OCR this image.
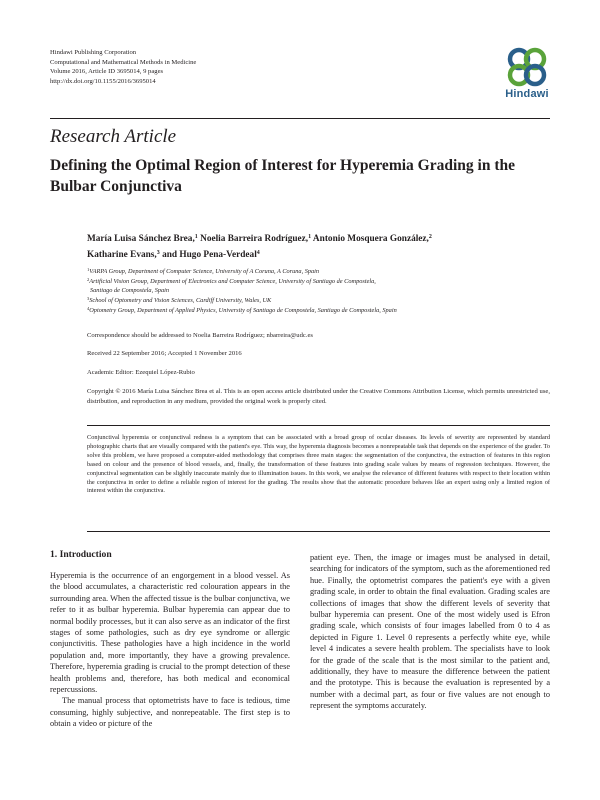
Hindawi Publishing Corporation
Computational and Mathematical Methods in Medicine
Volume 2016, Article ID 3695014, 9 pages
http://dx.doi.org/10.1155/2016/3695014
Hindawi
Research Article
Defining the Optimal Region of Interest for Hyperemia Grading in the Bulbar Conjunctiva
María Luisa Sánchez Brea,$^1$ Noelia Barreira Rodríguez,$^1$ Antonio Mosquera González,$^2$
Katharine Evans,$^3$ and Hugo Pena-Verdeal$^4$
$^1$VARPA Group, Department of Computer Science, University of A Coruna, A Coruna, Spain
$^2$Artificial Vision Group, Department of Electronics and Computer Science, University of Santiago de Compostela,
Santiago de Compostela, Spain
$^3$School of Optometry and Vision Sciences, Cardiff University, Wales, UK
$^4$Optometry Group, Department of Applied Physics, University of Santiago de Compostela, Santiago de Compostela, Spain
Correspondence should be addressed to Noelia Barreira Rodríguez; nbarreira@udc.es
Received 22 September 2016; Accepted 1 November 2016
Academic Editor: Ezequiel López-Rubio
Copyright © 2016 María Luisa Sánchez Brea et al. This is an open access article distributed under the Creative Commons Attribution License, which permits unrestricted use, distribution, and reproduction in any medium, provided the original work is properly cited.
Conjunctival hyperemia or conjunctival redness is a symptom that can be associated with a broad group of ocular diseases. Its levels of severity are represented by standard photographic charts that are visually compared with the patient's eye. This way, the hyperemia diagnosis becomes a nonrepeatable task that depends on the experience of the grader. To solve this problem, we have proposed a computer-aided methodology that comprises three main stages: the segmentation of the conjunctiva, the extraction of features in this region based on colour and the presence of blood vessels, and, finally, the transformation of these features into grading scale values by means of regression techniques. However, the conjunctival segmentation can be slightly inaccurate mainly due to illumination issues. In this work, we analyse the relevance of different features with respect to their location within the conjunctiva in order to define a reliable region of interest for the grading. The results show that the automatic procedure behaves like an expert using only a limited region of interest within the conjunctiva.
1. Introduction

Hyperemia is the occurrence of an engorgement in a blood vessel. As the blood accumulates, a characteristic red colouration appears in the surrounding area. When the affected tissue is the bulbar conjunctiva, we refer to it as bulbar hyperemia. Bulbar hyperemia can appear due to normal bodily processes, but it can also serve as an indicator of the first stages of some pathologies, such as dry eye syndrome or allergic conjunctivitis. These pathologies have a high incidence in the world population and, more importantly, they have a growing prevalence. Therefore, hyperemia grading is crucial to the prompt detection of these health problems and, therefore, has both medical and economical repercussions.

The manual process that optometrists have to face is tedious, time consuming, highly subjective, and nonrepeatable. The first step is to obtain a video or picture of the

patient eye. Then, the image or images must be analysed in detail, searching for indicators of the symptom, such as the aforementioned red hue. Finally, the optometrist compares the patient's eye with a given grading scale, in order to obtain the final evaluation. Grading scales are collections of images that show the different levels of severity that bulbar hyperemia can present. One of the most widely used is Efron grading scale, which consists of four images labelled from 0 to 4 as depicted in Figure 1. Level 0 represents a perfectly white eye, while level 4 indicates a severe health problem. The specialists have to look for the grade of the scale that is the most similar to the patient and, additionally, they have to measure the difference between the patient and the prototype. This is because the evaluation is represented by a number with a decimal part, as four or five values are not enough to represent the symptoms accurately.
